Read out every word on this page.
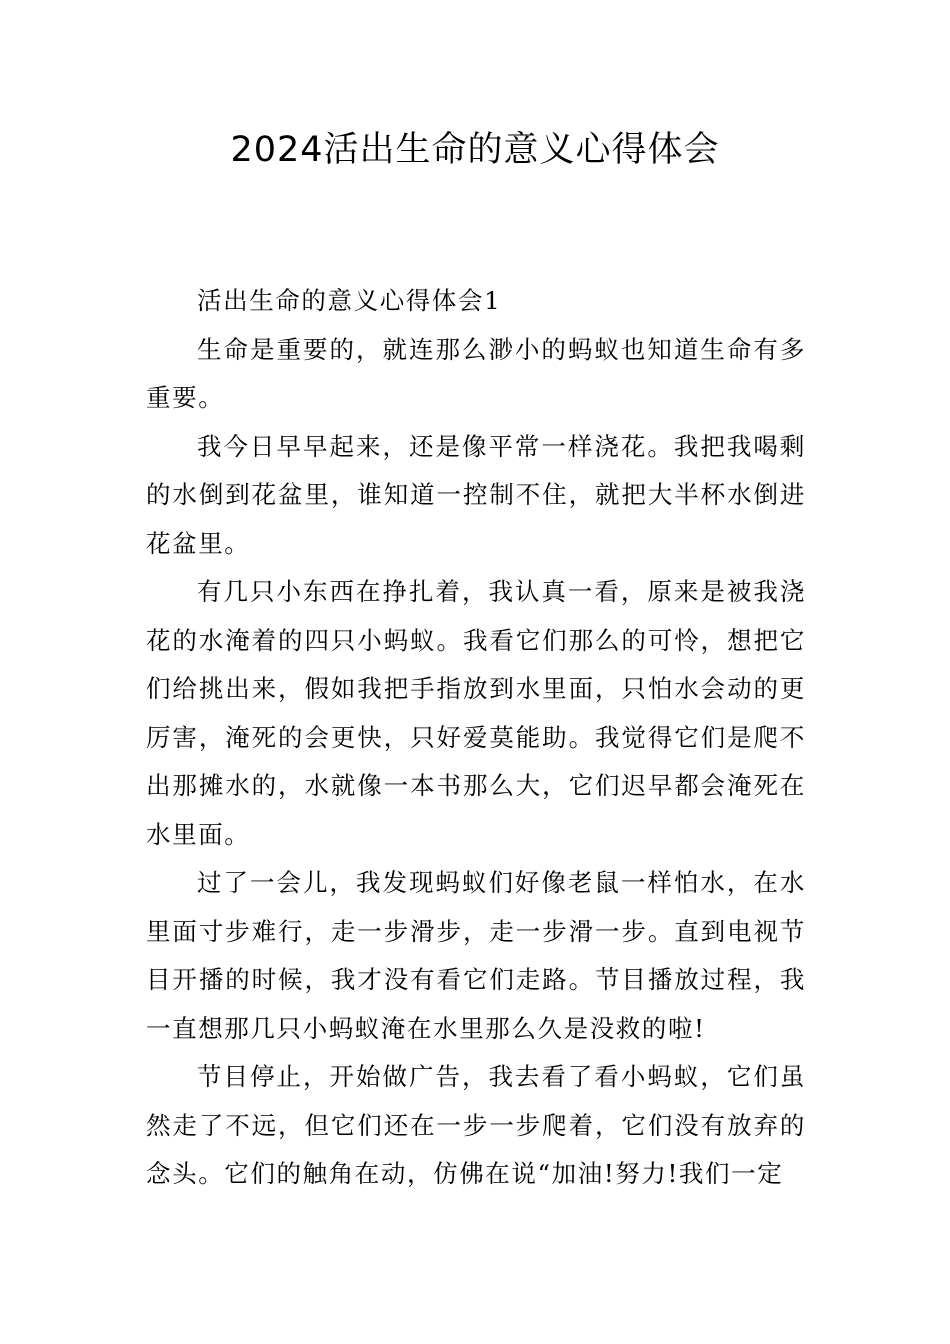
2024活出生命的意义心得体会

活出生命的意义心得体会1

生命是重要的，就连那么渺小的蚂蚁也知道生命有多重要。

我今日早早起来，还是像平常一样浇花。我把我喝剩的水倒到花盆里，谁知道一控制不住，就把大半杯水倒进花盆里。

有几只小东西在挣扎着，我认真一看，原来是被我浇花的水淹着的四只小蚂蚁。我看它们那么的可怜，想把它们给挑出来，假如我把手指放到水里面，只怕水会动的更厉害，淹死的会更快，只好爱莫能助。我觉得它们是爬不出那摊水的，水就像一本书那么大，它们迟早都会淹死在水里面。

过了一会儿，我发现蚂蚁们好像老鼠一样怕水，在水里面寸步难行，走一步滑步，走一步滑一步。直到电视节目开播的时候，我才没有看它们走路。节目播放过程，我一直想那几只小蚂蚁淹在水里那么久是没救的啦!

节目停止，开始做广告，我去看了看小蚂蚁，它们虽然走了不远，但它们还在一步一步爬着，它们没有放弃的念头。它们的触角在动，仿佛在说“加油!努力!我们一定
